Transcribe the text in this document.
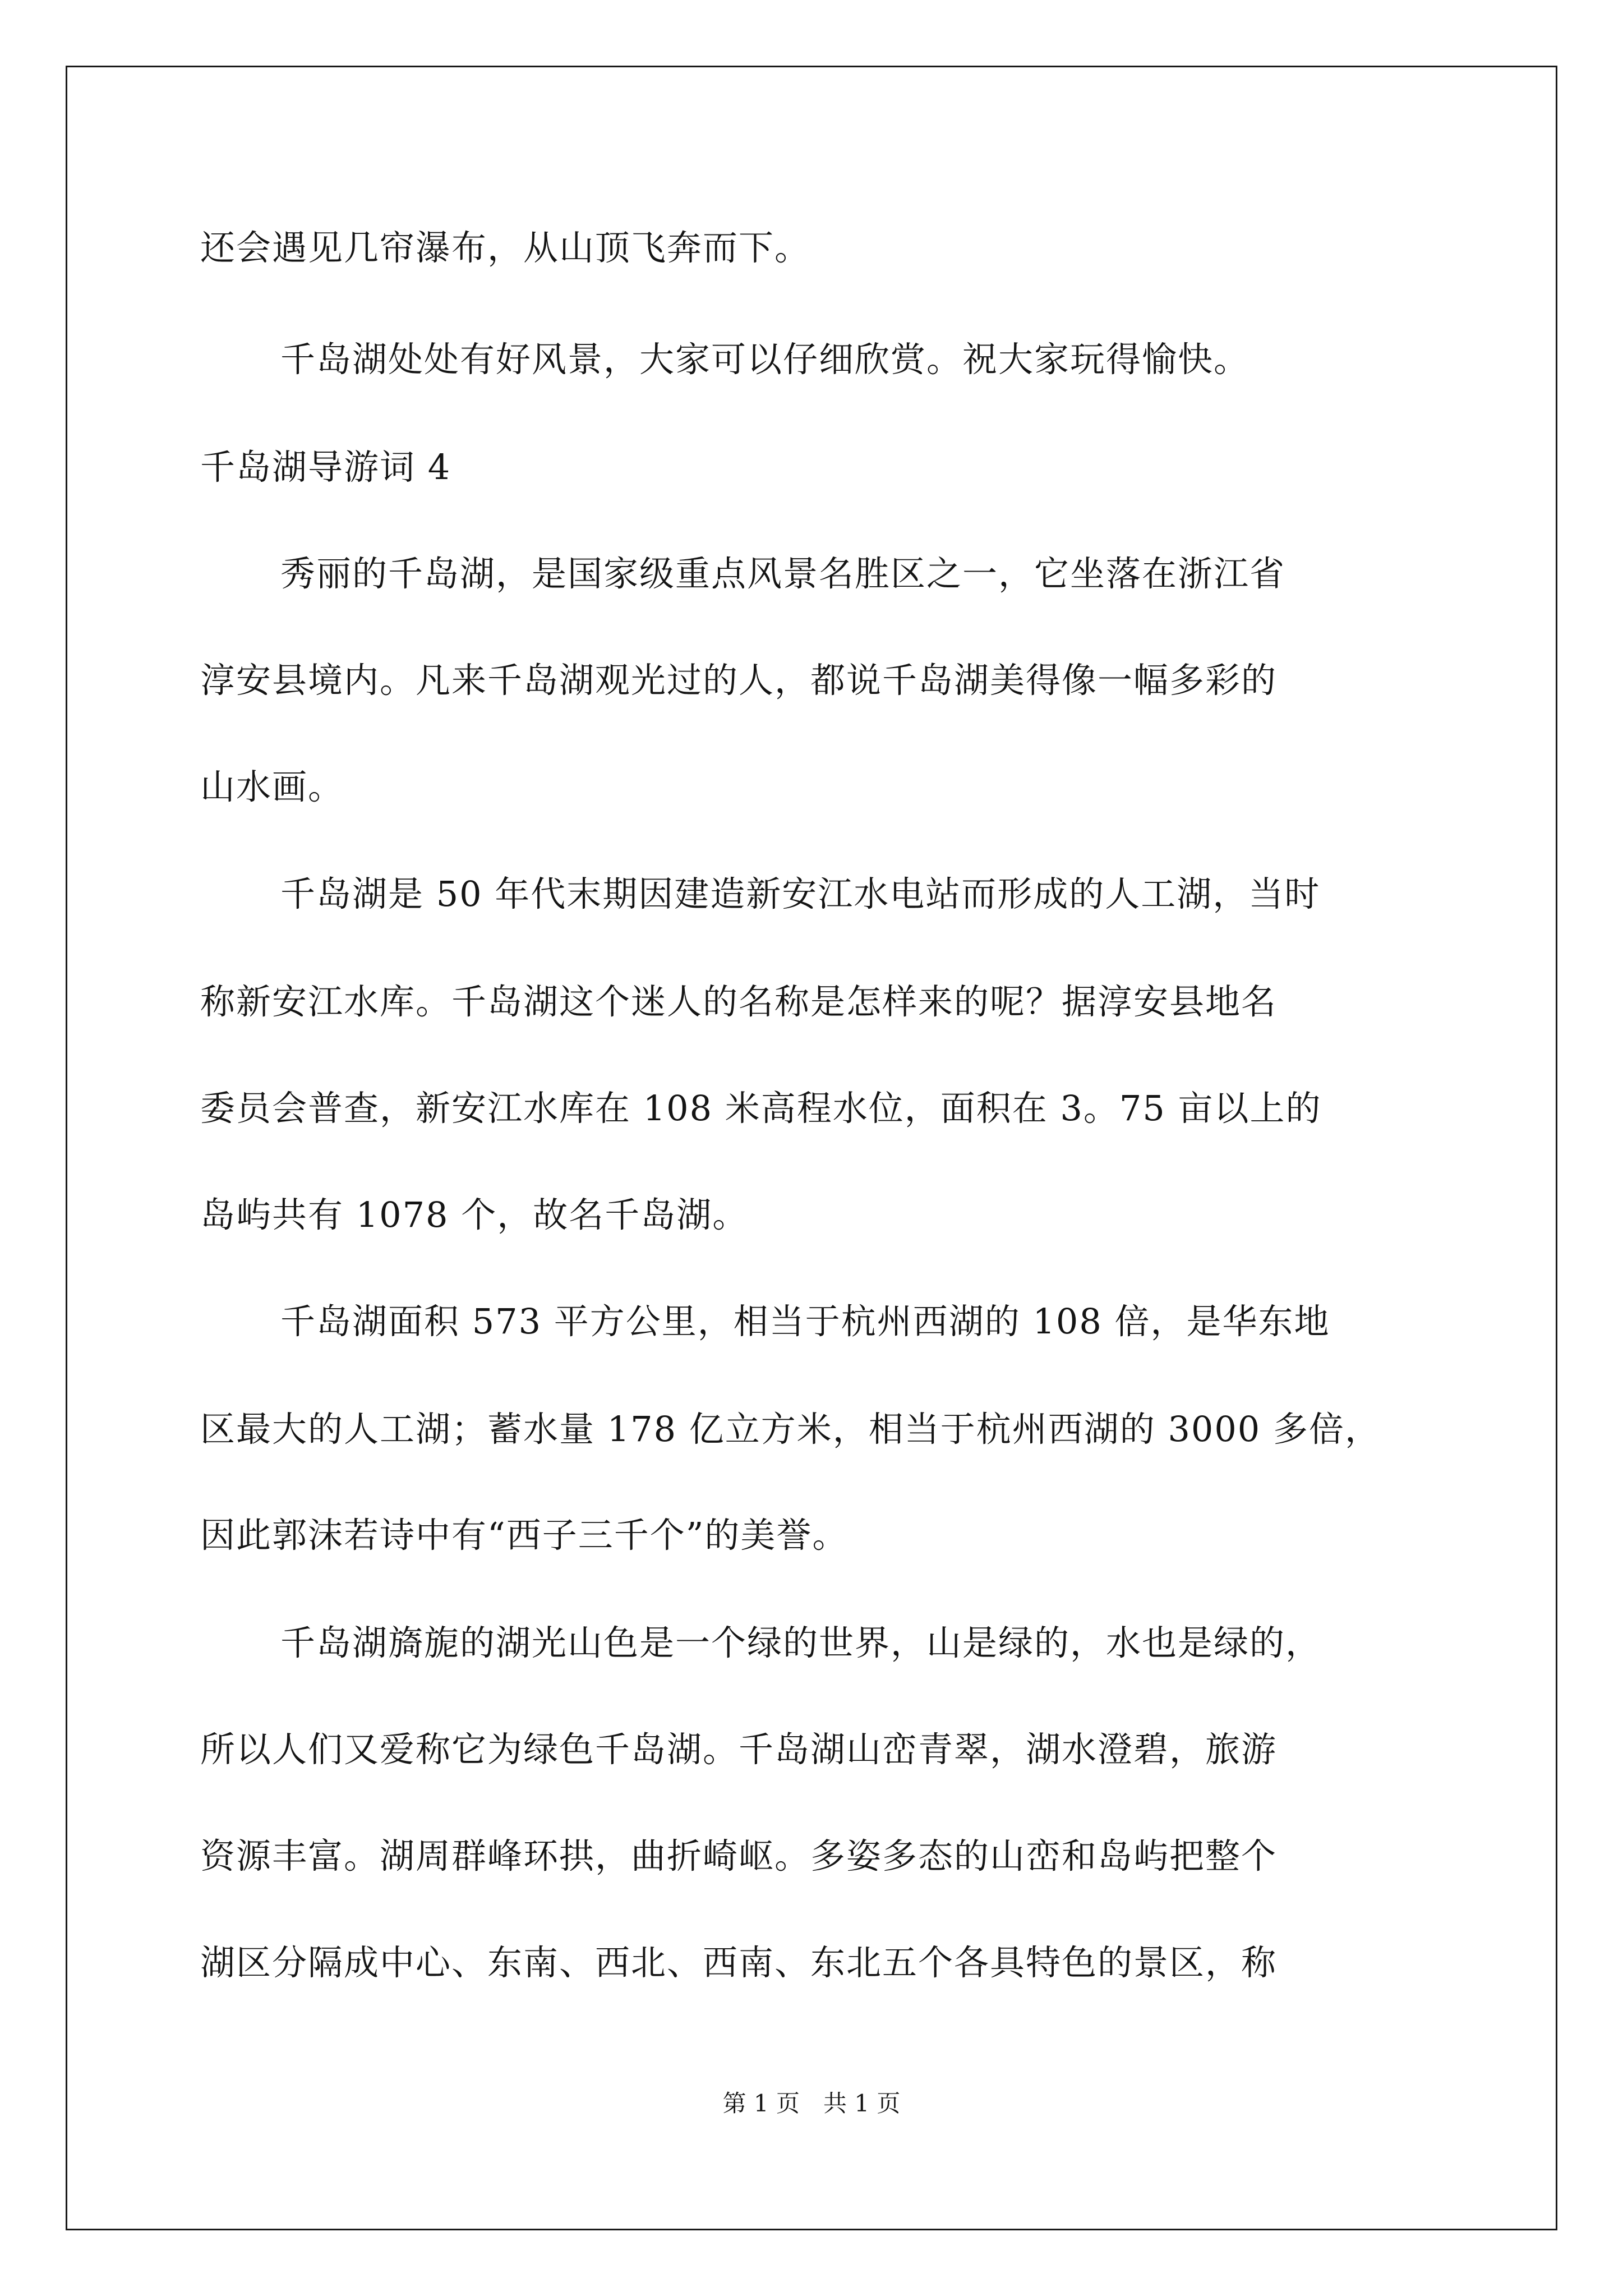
还会遇见几帘瀑布，从山顶飞奔而下。
千岛湖处处有好风景，大家可以仔细欣赏。祝大家玩得愉快。
千岛湖导游词 4
秀丽的千岛湖，是国家级重点风景名胜区之一，它坐落在浙江省
淳安县境内。凡来千岛湖观光过的人，都说千岛湖美得像一幅多彩的
山水画。
千岛湖是 50 年代末期因建造新安江水电站而形成的人工湖，当时
称新安江水库。千岛湖这个迷人的名称是怎样来的呢？据淳安县地名
委员会普查，新安江水库在 108 米高程水位，面积在 3。75 亩以上的
岛屿共有 1078 个，故名千岛湖。
千岛湖面积 573 平方公里，相当于杭州西湖的 108 倍，是华东地
区最大的人工湖；蓄水量 178 亿立方米，相当于杭州西湖的 3000 多倍，
因此郭沫若诗中有“西子三千个”的美誉。
千岛湖旖旎的湖光山色是一个绿的世界，山是绿的，水也是绿的，
所以人们又爱称它为绿色千岛湖。千岛湖山峦青翠，湖水澄碧，旅游
资源丰富。湖周群峰环拱，曲折崎岖。多姿多态的山峦和岛屿把整个
湖区分隔成中心、东南、西北、西南、东北五个各具特色的景区，称
第 1 页　共 1 页
